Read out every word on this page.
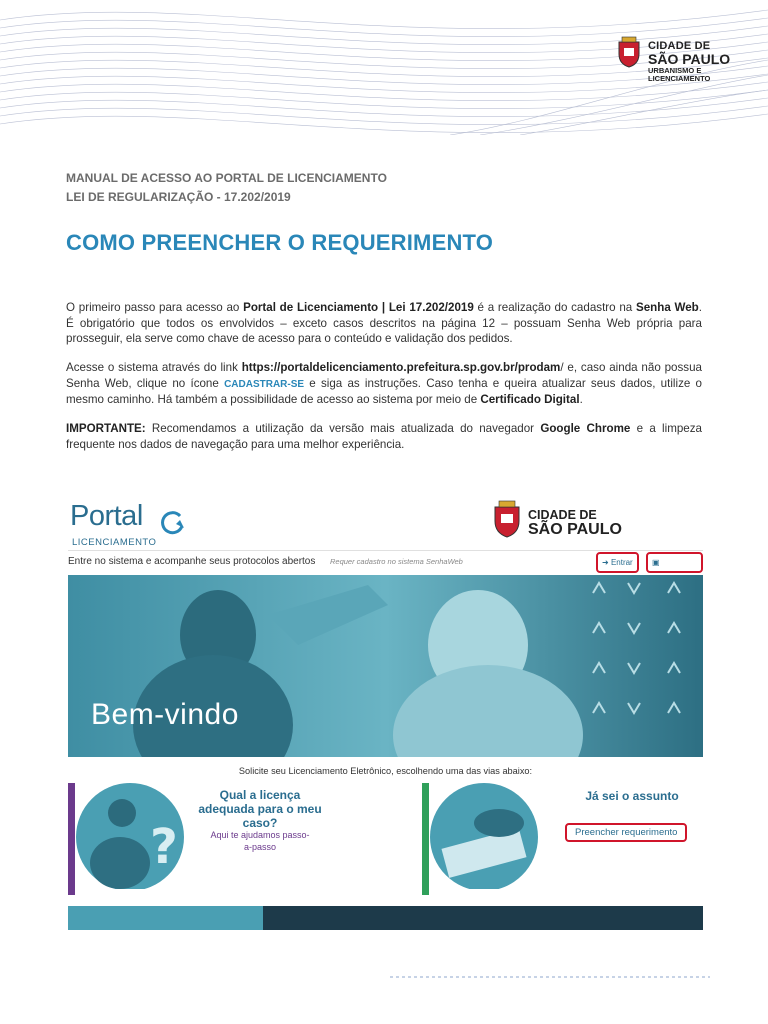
CIDADE DE
SÃO PAULO
URBANISMO E
LICENCIAMENTO
MANUAL DE ACESSO AO PORTAL DE LICENCIAMENTO
LEI DE REGULARIZAÇÃO - 17.202/2019
COMO PREENCHER O REQUERIMENTO
O primeiro passo para acesso ao Portal de Licenciamento | Lei 17.202/2019 é a realização do cadastro na Senha Web. É obrigatório que todos os envolvidos – exceto casos descritos na página 12 – possuam Senha Web própria para prosseguir, ela serve como chave de acesso para o conteúdo e validação dos pedidos.
Acesse o sistema através do link https://portaldelicenciamento.prefeitura.sp.gov.br/prodam/ e, caso ainda não possua Senha Web, clique no ícone CADASTRAR-SE e siga as instruções. Caso tenha e queira atualizar seus dados, utilize o mesmo caminho. Há também a possibilidade de acesso ao sistema por meio de Certificado Digital.
IMPORTANTE: Recomendamos a utilização da versão mais atualizada do navegador Google Chrome e a limpeza frequente nos dados de navegação para uma melhor experiência.
Portal
LICENCIAMENTO
CIDADE DE
SÃO PAULO
Entre no sistema e acompanhe seus protocolos abertos Requer cadastro no sistema SenhaWeb	➜ Entrar	▣
Bem-vindo
Solicite seu Licenciamento Eletrônico, escolhendo uma das vias abaixo:
?
Qual a licença adequada para o meu caso?
Aqui te ajudamos passo-a-passo
Já sei o assunto
Preencher requerimento
